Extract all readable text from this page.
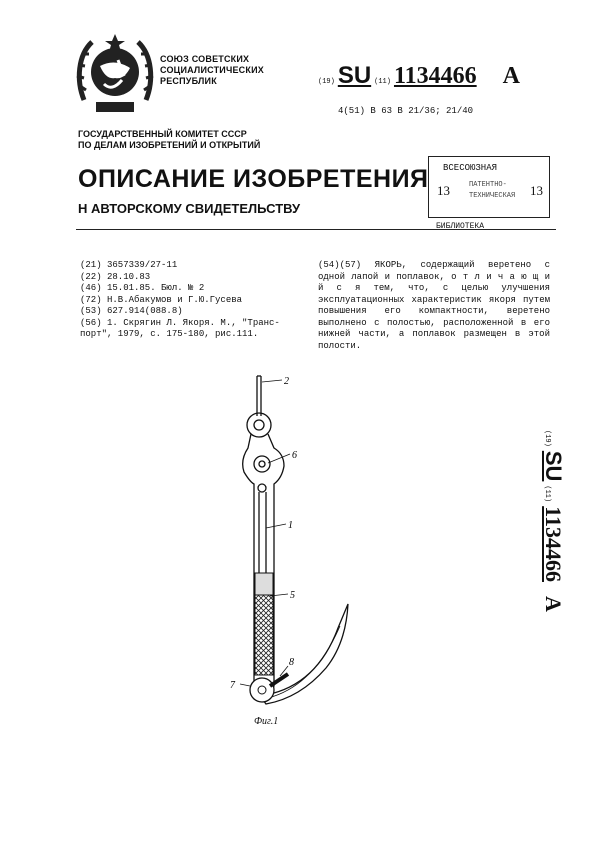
СОЮЗ СОВЕТСКИХ
СОЦИАЛИСТИЧЕСКИХ
РЕСПУБЛИК	(19) SU (11) 1134466 A
4(51) В 63 В 21/36; 21/40
ГОСУДАРСТВЕННЫЙ КОМИТЕТ СССР
ПО ДЕЛАМ ИЗОБРЕТЕНИЙ И ОТКРЫТИЙ
ВСЕСОЮЗНАЯ
13	ПАТЕНТНО-
ТЕХНИЧЕСКАЯ 13
БИБЛИОТЕКА
ОПИСАНИЕ ИЗОБРЕТЕНИЯ
Н АВТОРСКОМУ СВИДЕТЕЛЬСТВУ
(21) 3657339/27-11
(22) 28.10.83
(46) 15.01.85. Бюл. № 2
(72) Н.В.Абакумов и Г.Ю.Гусева
(53) 627.914(088.8)
(56) 1. Скрягин Л. Якоря. М., "Транс-
порт", 1979, с. 175-180, рис.111.
(54)(57) ЯКОРЬ, содержащий веретено с одной лапой и поплавок, о т л и ч а ю щ и й с я тем, что, с целью улучшения эксплуатационных характеристик якоря путем повышения его компактности, веретено выполнено с полостью, расположенной в его нижней части, а поплавок размещен в этой полости.
2
6
1
5
8
7
Фиг.1
(19)
SU
(11)
1134466
A
